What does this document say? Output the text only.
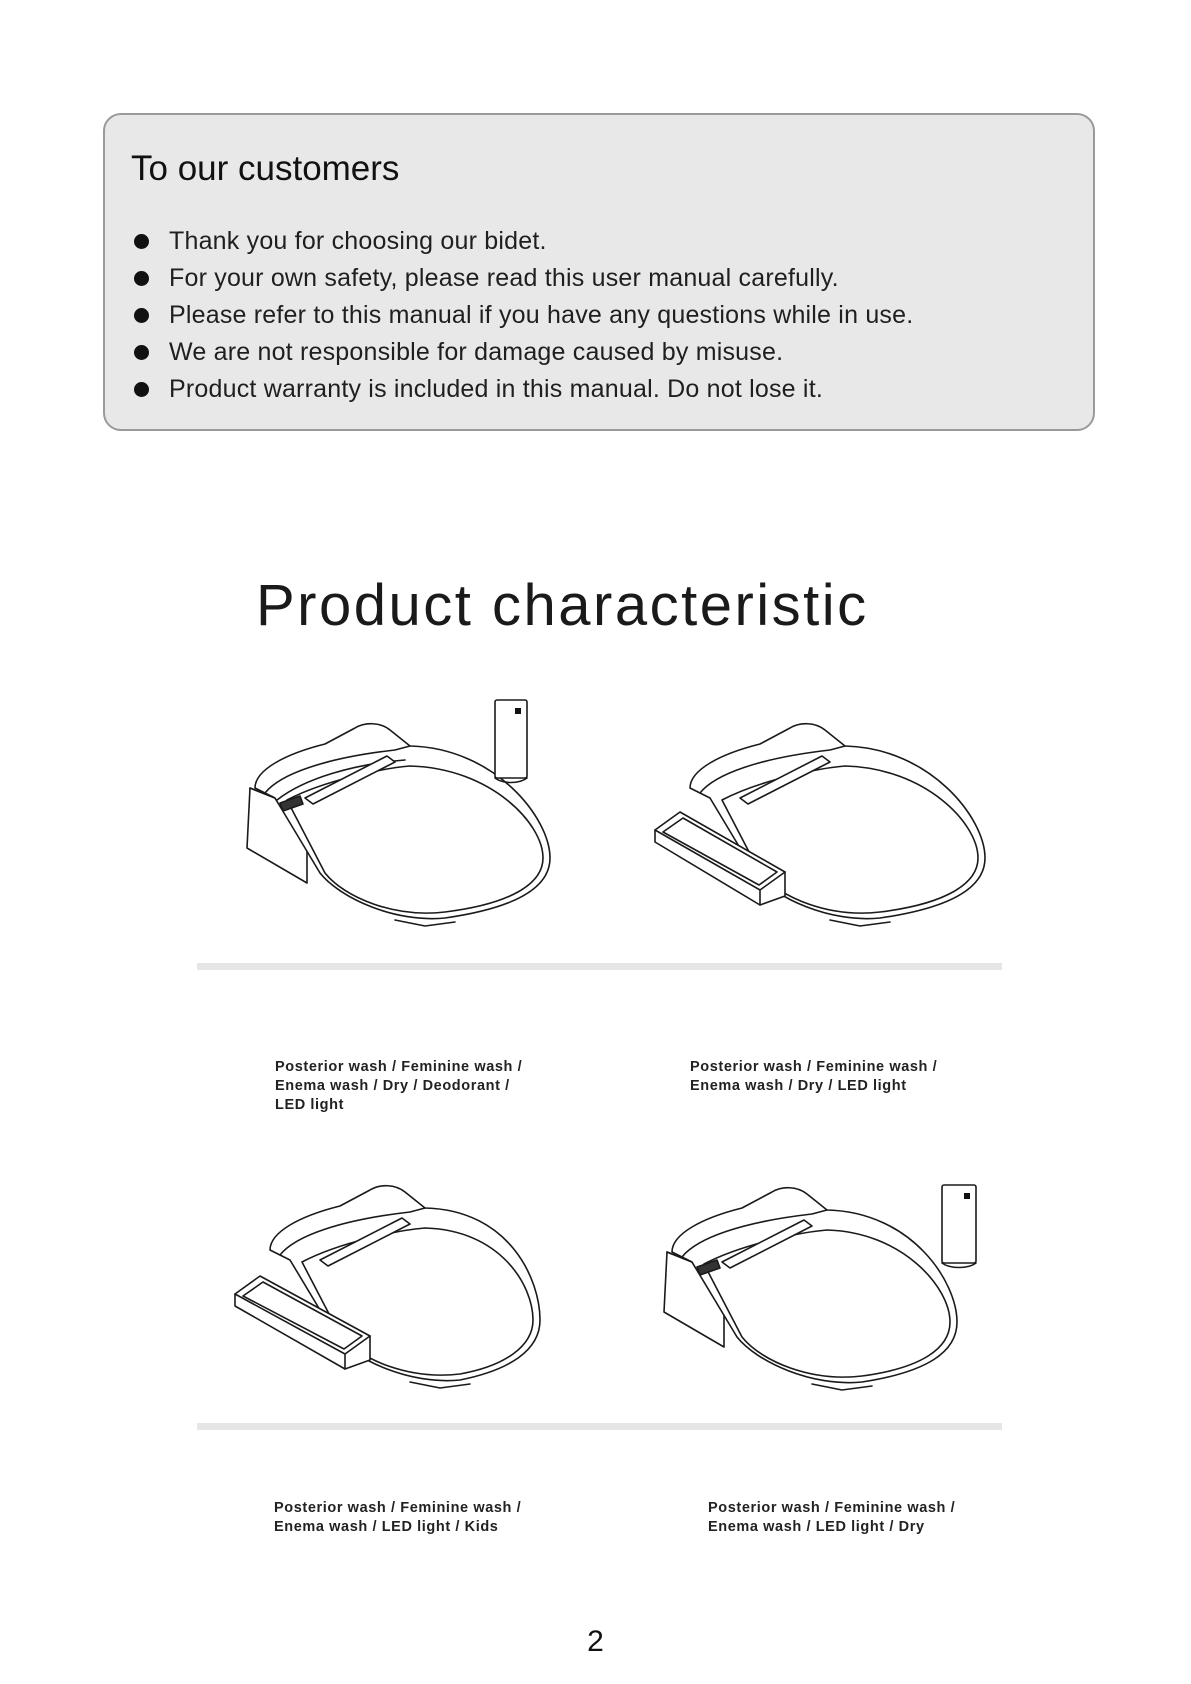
To our customers
Thank you for choosing our bidet.
For your own safety, please read this user manual carefully.
Please refer to this manual if you have any questions while in use.
We are not responsible for damage caused by misuse.
Product warranty is included in this manual. Do not lose it.
Product characteristic
Posterior wash / Feminine wash /
Enema wash / Dry / Deodorant /
LED light
Posterior wash / Feminine wash /
Enema wash / Dry / LED light
Posterior wash / Feminine wash /
Enema wash / LED light / Kids
Posterior wash / Feminine wash /
Enema wash / LED light / Dry
2
